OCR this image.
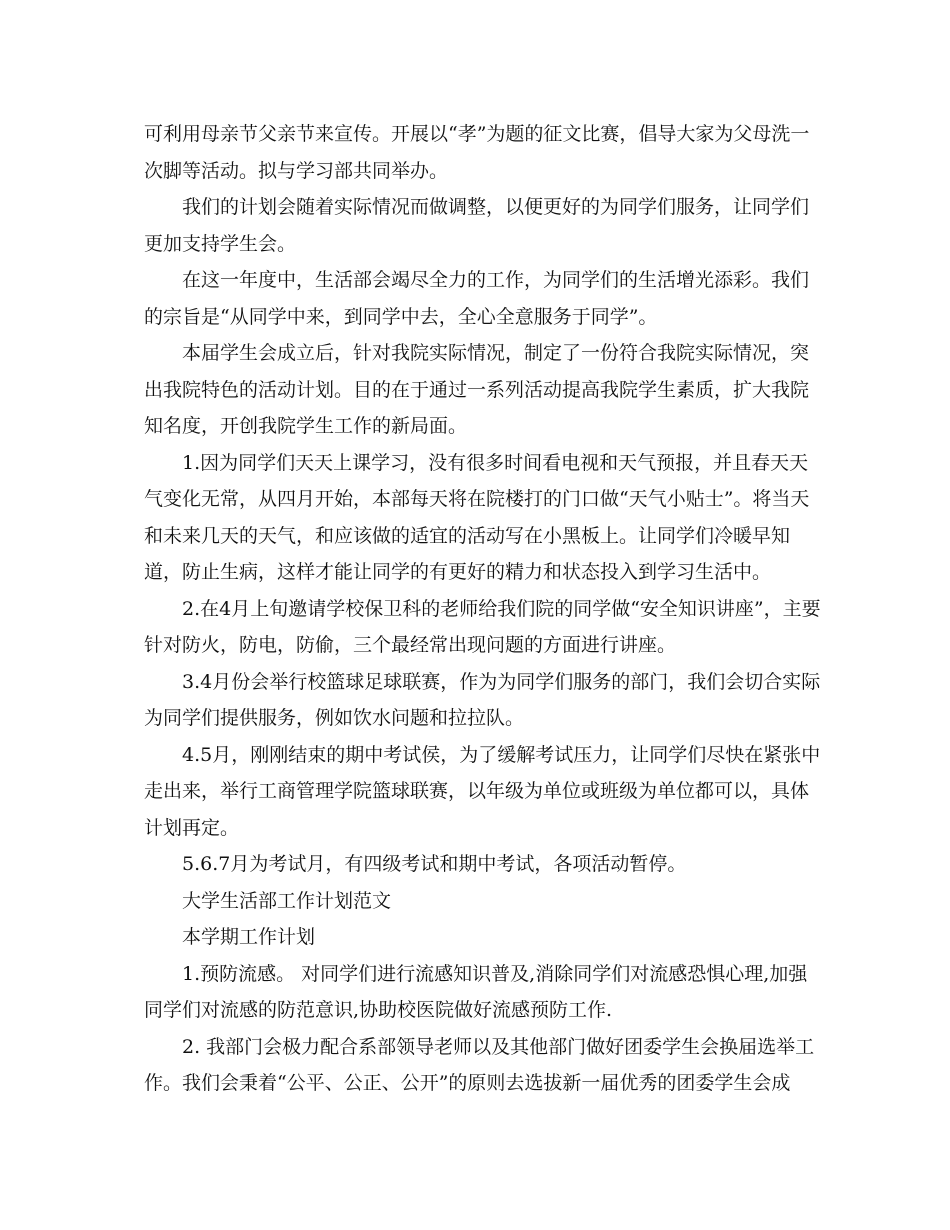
可利用母亲节父亲节来宣传。开展以“孝”为题的征文比赛，倡导大家为父母洗一
次脚等活动。拟与学习部共同举办。
我们的计划会随着实际情况而做调整，以便更好的为同学们服务，让同学们
更加支持学生会。
在这一年度中，生活部会竭尽全力的工作，为同学们的生活增光添彩。我们
的宗旨是“从同学中来，到同学中去，全心全意服务于同学”。
本届学生会成立后，针对我院实际情况，制定了一份符合我院实际情况，突
出我院特色的活动计划。目的在于通过一系列活动提高我院学生素质，扩大我院
知名度，开创我院学生工作的新局面。
1.因为同学们天天上课学习，没有很多时间看电视和天气预报，并且春天天
气变化无常，从四月开始，本部每天将在院楼打的门口做“天气小贴士”。将当天
和未来几天的天气，和应该做的适宜的活动写在小黑板上。让同学们冷暖早知
道，防止生病，这样才能让同学的有更好的精力和状态投入到学习生活中。
2.在4月上旬邀请学校保卫科的老师给我们院的同学做“安全知识讲座”，主要
针对防火，防电，防偷，三个最经常出现问题的方面进行讲座。
3.4月份会举行校篮球足球联赛，作为为同学们服务的部门，我们会切合实际
为同学们提供服务，例如饮水问题和拉拉队。
4.5月，刚刚结束的期中考试侯，为了缓解考试压力，让同学们尽快在紧张中
走出来，举行工商管理学院篮球联赛，以年级为单位或班级为单位都可以，具体
计划再定。
5.6.7月为考试月，有四级考试和期中考试，各项活动暂停。
大学生活部工作计划范文
本学期工作计划
1.预防流感。 对同学们进行流感知识普及,消除同学们对流感恐惧心理,加强
同学们对流感的防范意识,协助校医院做好流感预防工作.
2. 我部门会极力配合系部领导老师以及其他部门做好团委学生会换届选举工
作。我们会秉着“公平、公正、公开”的原则去选拔新一届优秀的团委学生会成
